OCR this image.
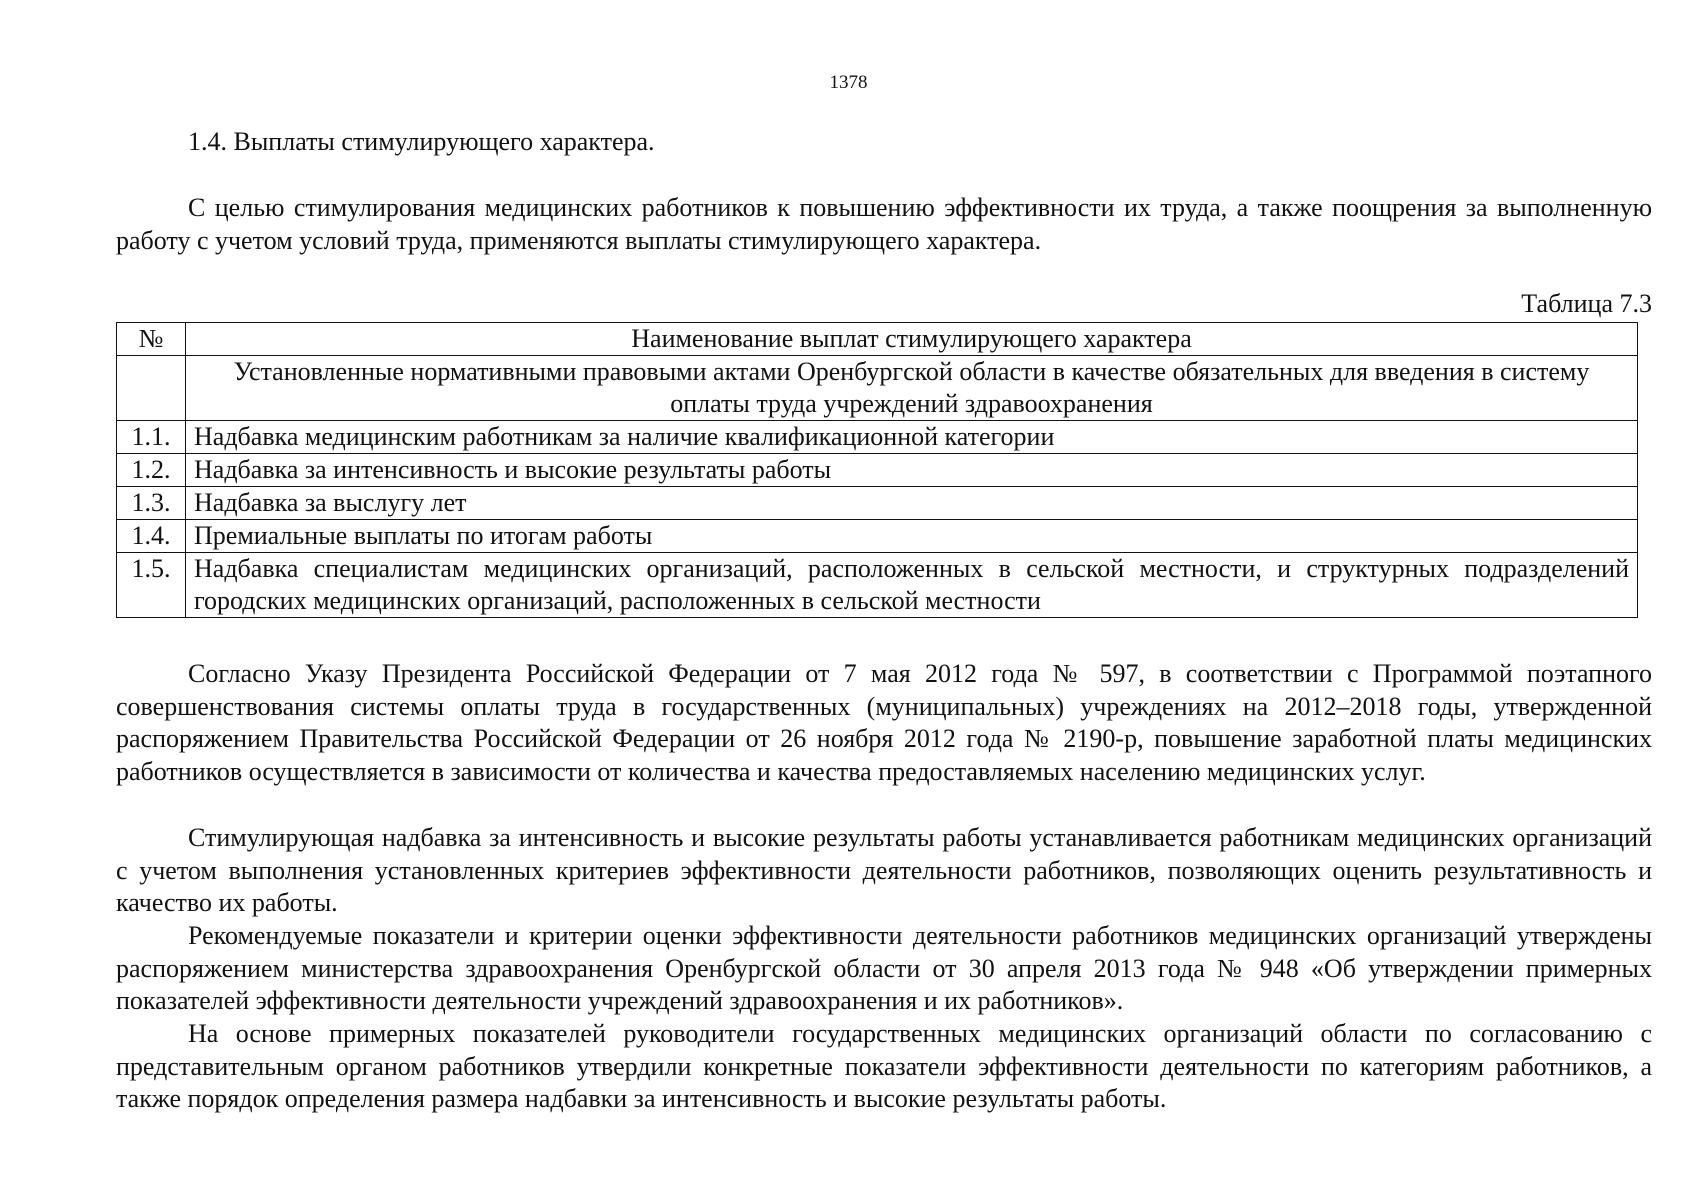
1378
1.4. Выплаты стимулирующего характера.

С целью стимулирования медицинских работников к повышению эффективности их труда, а также поощрения за выполненную работу с учетом условий труда, применяются выплаты стимулирующего характера.

Таблица 7.3
№	Наименование выплат стимулирующего характера
	Установленные нормативными правовыми актами Оренбургской области в качестве обязательных для введения в систему оплаты труда учреждений здравоохранения
1.1.	Надбавка медицинским работникам за наличие квалификационной категории
1.2.	Надбавка за интенсивность и высокие результаты работы
1.3.	Надбавка за выслугу лет
1.4.	Премиальные выплаты по итогам работы
1.5.	Надбавка специалистам медицинских организаций, расположенных в сельской местности, и структурных подразделений городских медицинских организаций, расположенных в сельской местности

Согласно Указу Президента Российской Федерации от 7 мая 2012 года № 597, в соответствии с Программой поэтапного совершенствования системы оплаты труда в государственных (муниципальных) учреждениях на 2012–2018 годы, утвержденной распоряжением Правительства Российской Федерации от 26 ноября 2012 года № 2190-р, повышение заработной платы медицинских работников осуществляется в зависимости от количества и качества предоставляемых населению медицинских услуг.

Стимулирующая надбавка за интенсивность и высокие результаты работы устанавливается работникам медицинских организаций с учетом выполнения установленных критериев эффективности деятельности работников, позволяющих оценить результативность и качество их работы.

Рекомендуемые показатели и критерии оценки эффективности деятельности работников медицинских организаций утверждены распоряжением министерства здравоохранения Оренбургской области от 30 апреля 2013 года № 948 «Об утверждении примерных показателей эффективности деятельности учреждений здравоохранения и их работников».

На основе примерных показателей руководители государственных медицинских организаций области по согласованию с представительным органом работников утвердили конкретные показатели эффективности деятельности по категориям работников, а также порядок определения размера надбавки за интенсивность и высокие результаты работы.
